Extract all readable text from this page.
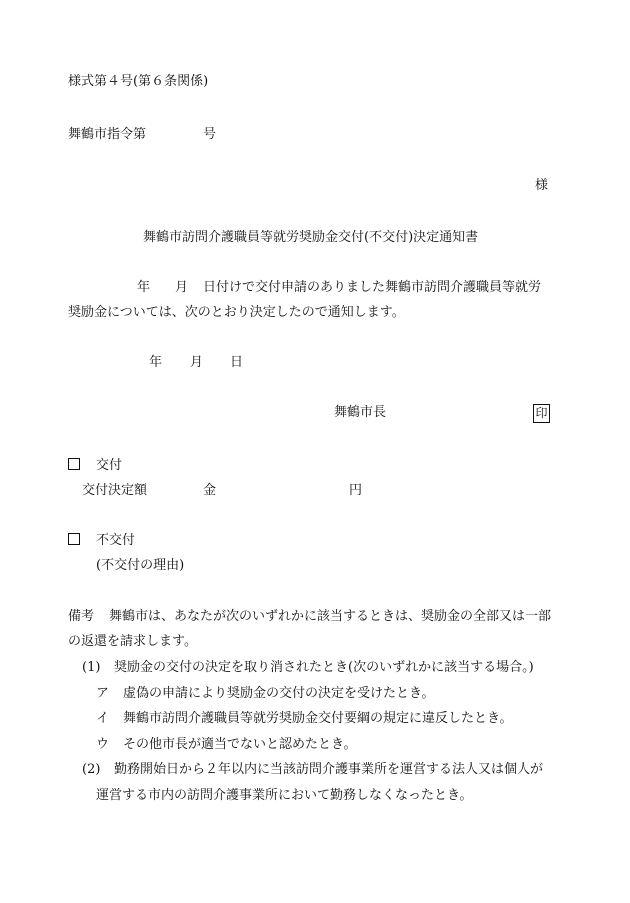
様式第４号(第６条関係)
舞鶴市指令第	号
様
舞鶴市訪問介護職員等就労奨励金交付(不交付)決定通知書
年 月 日付けで交付申請のありました舞鶴市訪問介護職員等就労
奨励金については、次のとおり決定したので通知します。
年 月 日
舞鶴市長	印
交付
交付決定額	金	円
不交付
(不交付の理由)
備考 舞鶴市は、あなたが次のいずれかに該当するときは、奨励金の全部又は一部
の返還を請求します。
(1) 奨励金の交付の決定を取り消されたとき(次のいずれかに該当する場合。)
ア 虚偽の申請により奨励金の交付の決定を受けたとき。
イ 舞鶴市訪問介護職員等就労奨励金交付要綱の規定に違反したとき。
ウ その他市長が適当でないと認めたとき。
(2) 勤務開始日から２年以内に当該訪問介護事業所を運営する法人又は個人が
運営する市内の訪問介護事業所において勤務しなくなったとき。
